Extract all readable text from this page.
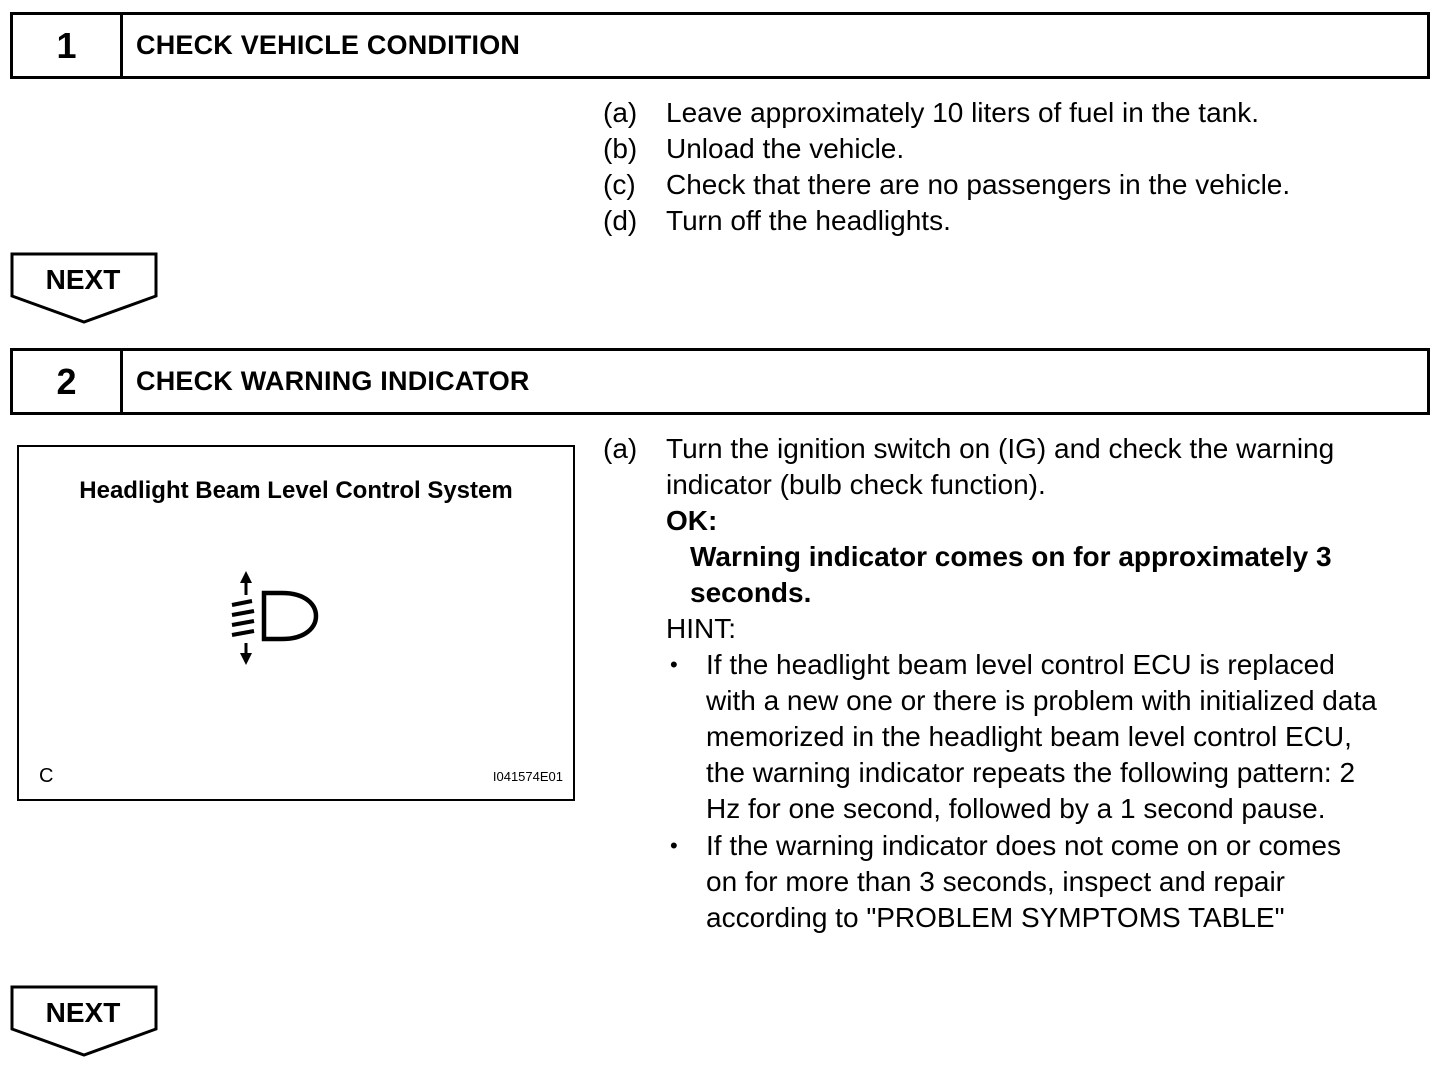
1	CHECK VEHICLE CONDITION
(a) Leave approximately 10 liters of fuel in the tank.
(b) Unload the vehicle.
(c) Check that there are no passengers in the vehicle.
(d) Turn off the headlights.
NEXT
2	CHECK WARNING INDICATOR
Headlight Beam Level Control System
C	I041574E01
(a) Turn the ignition switch on (IG) and check the warning
indicator (bulb check function).
OK:
Warning indicator comes on for approximately 3
seconds.
HINT:
• If the headlight beam level control ECU is replaced
with a new one or there is problem with initialized data
memorized in the headlight beam level control ECU,
the warning indicator repeats the following pattern: 2
Hz for one second, followed by a 1 second pause.
• If the warning indicator does not come on or comes
on for more than 3 seconds, inspect and repair
according to "PROBLEM SYMPTOMS TABLE"
NEXT
